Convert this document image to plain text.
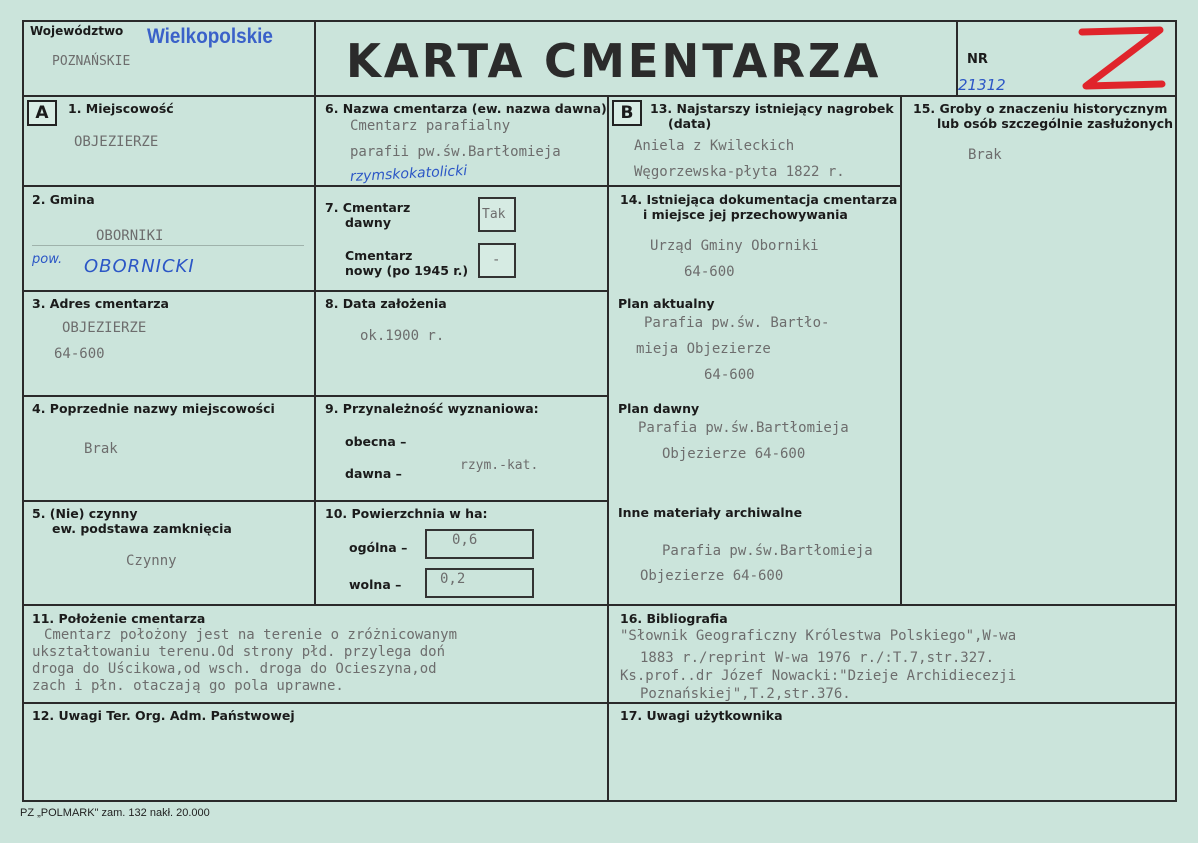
Województwo Wielkopolskie
POZNAŃSKIE	KARTA CMENTARZA	NR
21312
A	B
1. Miejscowość
OBJEZIERZE
2. Gmina
OBORNIKI
pow. OBORNICKI
3. Adres cmentarza
OBJEZIERZE
64-600
4. Poprzednie nazwy miejscowości
Brak
5. (Nie) czynny
ew. podstawa zamknięcia
Czynny
6. Nazwa cmentarza (ew. nazwa dawna)
Cmentarz parafialny
parafii pw.św.Bartłomieja
rzymskokatolicki
7. Cmentarz
dawny
Tak
Cmentarz
nowy (po 1945 r.)
-
8. Data założenia
ok.1900 r.
9. Przynależność wyznaniowa:
obecna –
dawna –
rzym.-kat.
10. Powierzchnia w ha:
ogólna –	0,6
wolna –	0,2
13. Najstarszy istniejący nagrobek
(data)
Aniela z Kwileckich
Węgorzewska-płyta 1822 r.
14. Istniejąca dokumentacja cmentarza
i miejsce jej przechowywania
Urząd Gminy Oborniki
64-600
Plan aktualny
Parafia pw.św. Bartło-
mieja Objezierze
64-600
Plan dawny
Parafia pw.św.Bartłomieja
Objezierze 64-600
Inne materiały archiwalne
Parafia pw.św.Bartłomieja
Objezierze 64-600
15. Groby o znaczeniu historycznym
lub osób szczególnie zasłużonych
Brak
11. Położenie cmentarza
Cmentarz położony jest na terenie o zróżnicowanym
ukształtowaniu terenu.Od strony płd. przylega doń
droga do Uścikowa,od wsch. droga do Ocieszyna,od
zach i płn. otaczają go pola uprawne.
16. Bibliografia
"Słownik Geograficzny Królestwa Polskiego",W-wa
1883 r./reprint W-wa 1976 r./:T.7,str.327.
Ks.prof..dr Józef Nowacki:"Dzieje Archidiecezji
Poznańskiej",T.2,str.376.
12. Uwagi Ter. Org. Adm. Państwowej	17. Uwagi użytkownika
PZ „POLMARK" zam. 132 nakł. 20.000
